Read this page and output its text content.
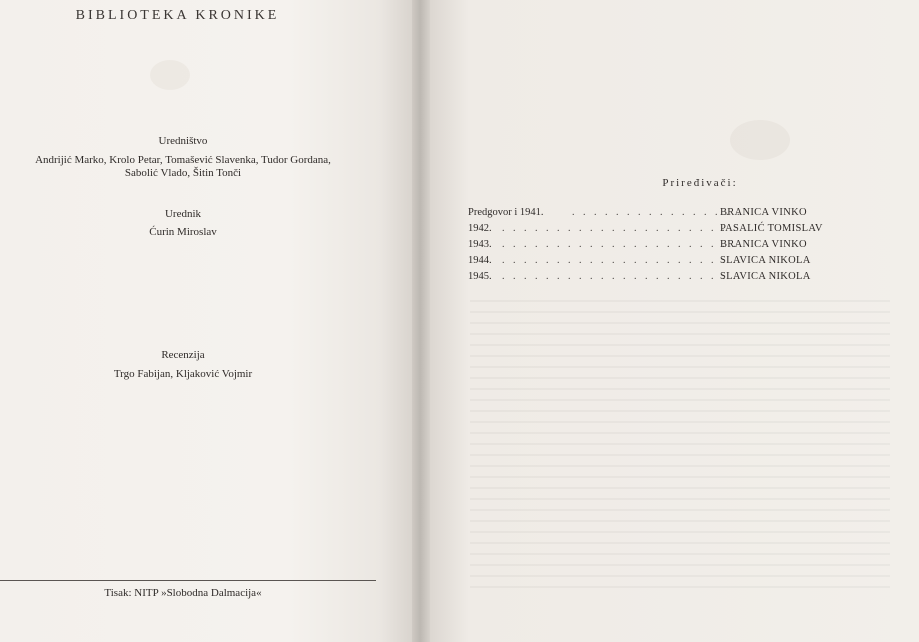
BIBLIOTEKA KRONIKE
Uredništvo
Andrijić Marko, Krolo Petar, Tomašević Slavenka, Tudor Gordana,
Sabolić Vlado, Šitin Tonči
Urednik
Ćurin Miroslav
Recenzija
Trgo Fabijan, Kljaković Vojmir
Tisak: NITP »Slobodna Dalmacija«
Priređivači:
. . . . . . . . . . . . . . . .
Predgovor i 1941.	BRANICA VINKO
. . . . . . . . . . . . . . . . . . . . . .
1942.	PASALIĆ TOMISLAV
. . . . . . . . . . . . . . . . . . . . . .
1943.	BRANICA VINKO
. . . . . . . . . . . . . . . . . . . . . .
1944.	SLAVICA NIKOLA
. . . . . . . . . . . . . . . . . . . . . .
1945.	SLAVICA NIKOLA
